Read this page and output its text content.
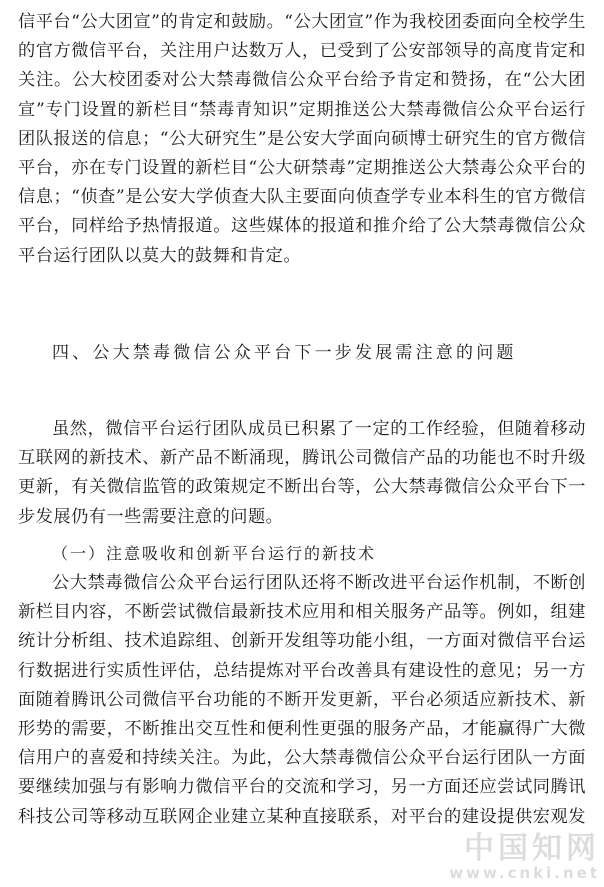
信平台“公大团宣”的肯定和鼓励。“公大团宣”作为我校团委面向全校学生的官方微信平台，关注用户达数万人，已受到了公安部领导的高度肯定和关注。公大校团委对公大禁毒微信公众平台给予肯定和赞扬，在“公大团宣”专门设置的新栏目“禁毒青知识”定期推送公大禁毒微信公众平台运行团队报送的信息；“公大研究生”是公安大学面向硕博士研究生的官方微信平台，亦在专门设置的新栏目“公大研禁毒”定期推送公大禁毒公众平台的信息；“侦查”是公安大学侦查大队主要面向侦查学专业本科生的官方微信平台，同样给予热情报道。这些媒体的报道和推介给了公大禁毒微信公众平台运行团队以莫大的鼓舞和肯定。

四、公大禁毒微信公众平台下一步发展需注意的问题

虽然，微信平台运行团队成员已积累了一定的工作经验，但随着移动互联网的新技术、新产品不断涌现，腾讯公司微信产品的功能也不时升级更新，有关微信监管的政策规定不断出台等，公大禁毒微信公众平台下一步发展仍有一些需要注意的问题。

（一）注意吸收和创新平台运行的新技术

公大禁毒微信公众平台运行团队还将不断改进平台运作机制，不断创新栏目内容，不断尝试微信最新技术应用和相关服务产品等。例如，组建统计分析组、技术追踪组、创新开发组等功能小组，一方面对微信平台运行数据进行实质性评估，总结提炼对平台改善具有建设性的意见；另一方面随着腾讯公司微信平台功能的不断开发更新，平台必须适应新技术、新形势的需要，不断推出交互性和便利性更强的服务产品，才能赢得广大微信用户的喜爱和持续关注。为此，公大禁毒微信公众平台运行团队一方面要继续加强与有影响力微信平台的交流和学习，另一方面还应尝试同腾讯科技公司等移动互联网企业建立某种直接联系，对平台的建设提供宏观发

中国知网
www.cnki.net
